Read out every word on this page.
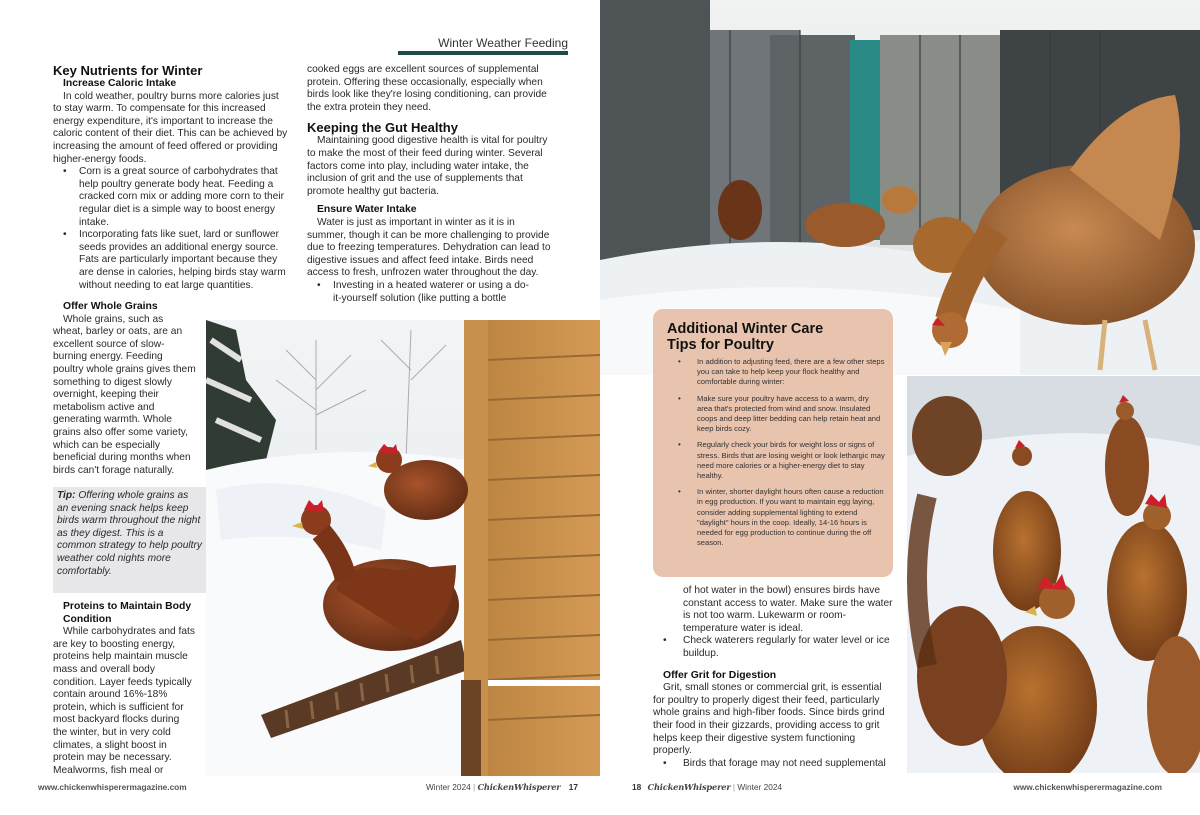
Winter Weather Feeding
Key Nutrients for Winter
Increase Caloric Intake

In cold weather, poultry burns more calories just to stay warm. To compensate for this increased energy expenditure, it's important to increase the caloric content of their diet. This can be achieved by increasing the amount of feed offered or providing higher-energy foods.

• Corn is a great source of carbohydrates that help poultry generate body heat. Feeding a cracked corn mix or adding more corn to their regular diet is a simple way to boost energy intake.
• Incorporating fats like suet, lard or sunflower seeds provides an additional energy source. Fats are particularly important because they are dense in calories, helping birds stay warm without needing to eat large quantities.
Offer Whole Grains

Whole grains, such as wheat, barley or oats, are an excellent source of slow-burning energy. Feeding poultry whole grains gives them something to digest slowly overnight, keeping their metabolism active and generating warmth. Whole grains also offer some variety, which can be especially beneficial during months when birds can't forage naturally.

Tip: Offering whole grains as an evening snack helps keep birds warm throughout the night as they digest. This is a common strategy to help poultry weather cold nights more comfortably.
Proteins to Maintain Body Condition

While carbohydrates and fats are key to boosting energy, proteins help maintain muscle mass and overall body condition. Layer feeds typically contain around 16%-18% protein, which is sufficient for most backyard flocks during the winter, but in very cold climates, a slight boost in protein may be necessary. Mealworms, fish meal or

cooked eggs are excellent sources of supplemental protein. Offering these occasionally, especially when birds look like they're losing conditioning, can provide the extra protein they need.

Keeping the Gut Healthy

Maintaining good digestive health is vital for poultry to make the most of their feed during winter. Several factors come into play, including water intake, the inclusion of grit and the use of supplements that promote healthy gut bacteria.

Ensure Water Intake

Water is just as important in winter as it is in summer, though it can be more challenging to provide due to freezing temperatures. Dehydration can lead to digestive issues and affect feed intake. Birds need access to fresh, unfrozen water throughout the day.

• Investing in a heated waterer or using a do-it-yourself solution (like putting a bottle
Additional Winter Care Tips for Poultry
• In addition to adjusting feed, there are a few other steps you can take to help keep your flock healthy and comfortable during winter:
• Make sure your poultry have access to a warm, dry area that's protected from wind and snow. Insulated coops and deep litter bedding can help retain heat and keep birds cozy.
• Regularly check your birds for weight loss or signs of stress. Birds that are losing weight or look lethargic may need more calories or a higher-energy diet to stay healthy.
• In winter, shorter daylight hours often cause a reduction in egg production. If you want to maintain egg laying, consider adding supplemental lighting to extend "daylight" hours in the coop. Ideally, 14-16 hours is needed for egg production to continue during the off season.

of hot water in the bowl) ensures birds have constant access to water. Make sure the water is not too warm. Lukewarm or room-temperature water is ideal.

• Check waterers regularly for water level or ice buildup.
Offer Grit for Digestion

Grit, small stones or commercial grit, is essential for poultry to properly digest their feed, particularly whole grains and high-fiber foods. Since birds grind their food in their gizzards, providing access to grit helps keep their digestive system functioning properly.

• Birds that forage may not need supplemental
www.chickenwhisperermagazine.com	Winter 2024 | ChickenWhisperer 17	18 ChickenWhisperer | Winter 2024	www.chickenwhisperermagazine.com
